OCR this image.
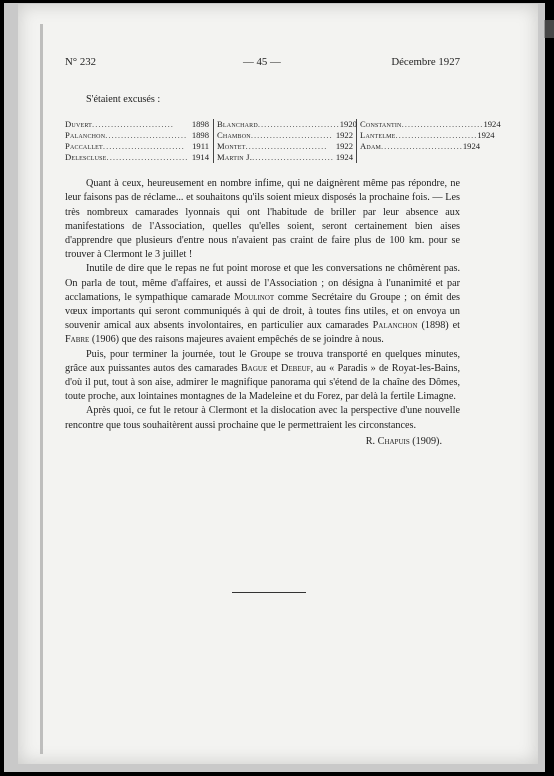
N° 232	— 45 —	Décembre 1927
S'étaient excusés :
Duvert ..........................	1898
Palanchon .......................... 1898
Paccallet .......................... 1911
Delescluse .......................... 1914
Blanchard .......................... 1920
Chambon .......................... 1922
Montet .......................... 1922
Martin J. .......................... 1924
Constantin .......................... 1924
Lantelme .......................... 1924
Adam .......................... 1924

Quant à ceux, heureusement en nombre infime, qui ne daignèrent même pas répondre, ne leur faisons pas de réclame... et souhaitons qu'ils soient mieux disposés la prochaine fois. — Les très nombreux camarades lyonnais qui ont l'habitude de briller par leur absence aux manifestations de l'Association, quelles qu'elles soient, seront certainement bien aises d'apprendre que plusieurs d'entre nous n'avaient pas craint de faire plus de 100 km. pour se trouver à Clermont le 3 juillet !

Inutile de dire que le repas ne fut point morose et que les conversations ne chômèrent pas. On parla de tout, même d'affaires, et aussi de l'Association ; on désigna à l'unanimité et par acclamations, le sympathique camarade Moulinot comme Secrétaire du Groupe ; on émit des vœux importants qui seront communiqués à qui de droit, à toutes fins utiles, et on envoya un souvenir amical aux absents involontaires, en particulier aux camarades Palanchon (1898) et Fabre (1906) que des raisons majeures avaient empêchés de se joindre à nous.

Puis, pour terminer la journée, tout le Groupe se trouva transporté en quelques minutes, grâce aux puissantes autos des camarades Bague et Debeuf, au « Paradis » de Royat-les-Bains, d'où il put, tout à son aise, admirer le magnifique panorama qui s'étend de la chaîne des Dômes, toute proche, aux lointaines montagnes de la Madeleine et du Forez, par delà la fertile Limagne.

Après quoi, ce fut le retour à Clermont et la dislocation avec la perspective d'une nouvelle rencontre que tous souhaitèrent aussi prochaine que le permettraient les circonstances.

R. Chapuis (1909).
